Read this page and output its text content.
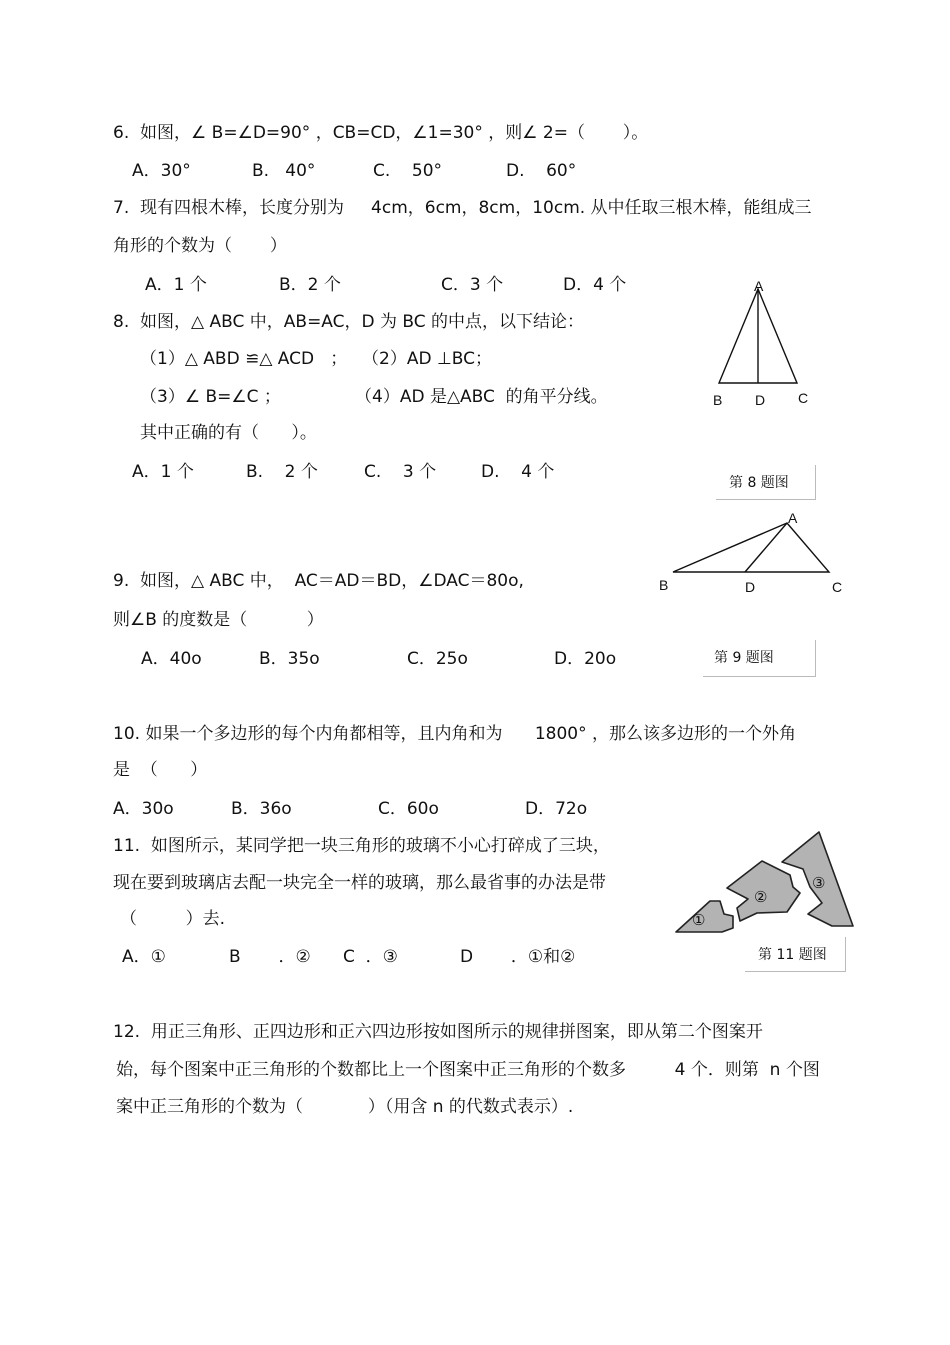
6.  如图，∠ B=∠D=90° ，CB=CD，∠1=30° ，则∠ 2=（       ）。
A．30°	B.   40°	C.    50°	D.    60°
7.  现有四根木棒，长度分别为     4cm，6cm，8cm，10cm. 从中任取三根木棒，能组成三
角形的个数为（       ）
A．1 个	B．2 个	C．3 个	D．4 个
8.  如图，△ ABC 中，AB=AC，D 为 BC 的中点，以下结论：
（1）△ ABD ≌△ ACD   ； （2）AD ⊥BC；
（3）∠ B=∠C ；	（4）AD 是△ABC  的角平分线。
其中正确的有（      ）。
A．1 个	B.    2 个	C.    3 个	D.    4 个
A
B D C
第 8 题图
9.  如图，△ ABC 中，  AC＝AD＝BD，∠DAC＝80o,
则∠B 的度数是（           ）
A．40o	B．35o	C．25o	D．20o
A
B	D	C
第 9 题图
10. 如果一个多边形的每个内角都相等，且内角和为      1800° ，那么该多边形的一个外角
是  （      ）
A．30o	B．36o	C．60o	D．72o
11.  如图所示，某同学把一块三角形的玻璃不小心打碎成了三块，
现在要到玻璃店去配一块完全一样的玻璃，那么最省事的办法是带
（         ）去.
A．①	B       ．② C  ．③	D       ．①和②
①
②
③
第 11 题图
12.  用正三角形、正四边形和正六四边形按如图所示的规律拼图案，即从第二个图案开
始，每个图案中正三角形的个数都比上一个图案中正三角形的个数多         4 个．则第  n 个图
案中正三角形的个数为（            ）（用含 n 的代数式表示）.
